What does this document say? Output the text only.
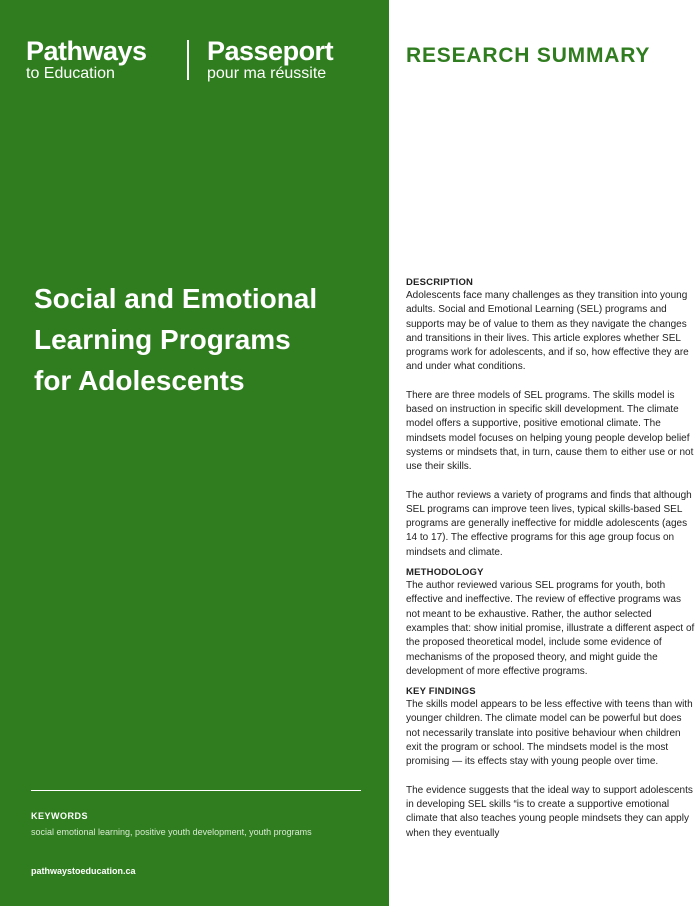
Pathways
to Education
Passeport
pour ma réussite
Social and Emotional
Learning Programs
for Adolescents
KEYWORDS
social emotional learning, positive youth development, youth programs
pathwaystoeducation.ca
RESEARCH SUMMARY
DESCRIPTION

Adolescents face many challenges as they transition into young adults. Social and Emotional Learning (SEL) programs and supports may be of value to them as they navigate the changes and transitions in their lives. This article explores whether SEL programs work for adolescents, and if so, how effective they are and under what conditions.

There are three models of SEL programs. The skills model is based on instruction in specific skill development. The climate model offers a supportive, positive emotional climate. The mindsets model focuses on helping young people develop belief systems or mindsets that, in turn, cause them to either use or not use their skills.

The author reviews a variety of programs and finds that although SEL programs can improve teen lives, typical skills-based SEL programs are generally ineffective for middle adolescents (ages 14 to 17). The effective programs for this age group focus on mindsets and climate.

METHODOLOGY

The author reviewed various SEL programs for youth, both effective and ineffective. The review of effective programs was not meant to be exhaustive. Rather, the author selected examples that: show initial promise, illustrate a different aspect of the proposed theoretical model, include some evidence of mechanisms of the proposed theory, and might guide the development of more effective programs.

KEY FINDINGS

The skills model appears to be less effective with teens than with younger children. The climate model can be powerful but does not necessarily translate into positive behaviour when children exit the program or school. The mindsets model is the most promising — its effects stay with young people over time.

The evidence suggests that the ideal way to support adolescents in developing SEL skills “is to create a supportive emotional climate that also teaches young people mindsets they can apply when they eventually
